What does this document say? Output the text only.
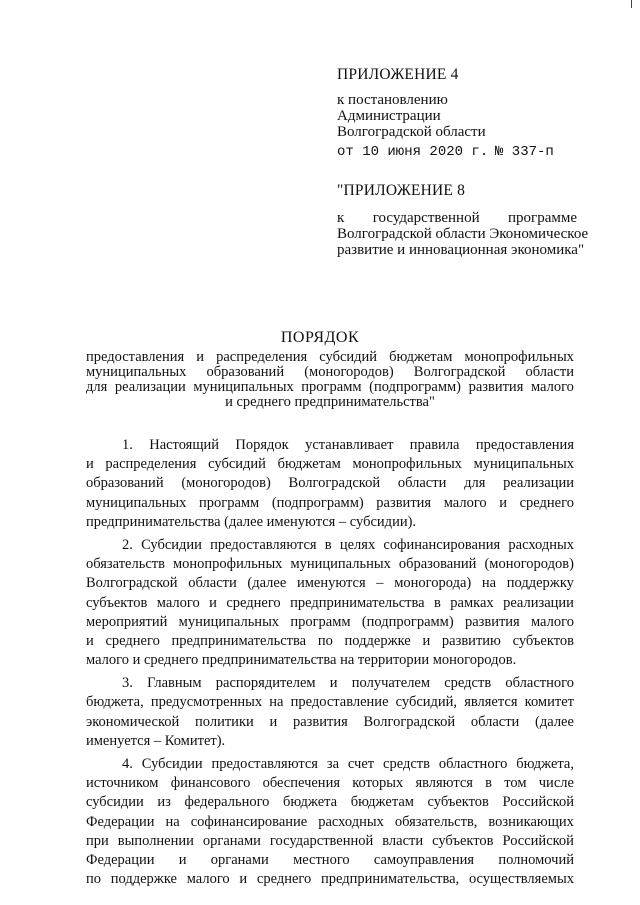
ПРИЛОЖЕНИЕ 4
к постановлению
Администрации
Волгоградской области
от 10 июня 2020 г. № 337-п
"ПРИЛОЖЕНИЕ 8
к государственной программе
Волгоградской области Экономическое
развитие и инновационная экономика"
ПОРЯДОК
предоставления и распределения субсидий бюджетам монопрофильных
муниципальных образований (моногородов) Волгоградской области
для реализации муниципальных программ (подпрограмм) развития малого
и среднего предпринимательства"
1. Настоящий Порядок устанавливает правила предоставления
и распределения субсидий бюджетам монопрофильных муниципальных
образований (моногородов) Волгоградской области для реализации
муниципальных программ (подпрограмм) развития малого и среднего
предпринимательства (далее именуются – субсидии).
2. Субсидии предоставляются в целях софинансирования расходных
обязательств монопрофильных муниципальных образований (моногородов)
Волгоградской области (далее именуются – моногорода) на поддержку
субъектов малого и среднего предпринимательства в рамках реализации
мероприятий муниципальных программ (подпрограмм) развития малого
и среднего предпринимательства по поддержке и развитию субъектов
малого и среднего предпринимательства на территории моногородов.
3. Главным распорядителем и получателем средств областного
бюджета, предусмотренных на предоставление субсидий, является комитет
экономической политики и развития Волгоградской области (далее
именуется – Комитет).
4. Субсидии предоставляются за счет средств областного бюджета,
источником финансового обеспечения которых являются в том числе
субсидии из федерального бюджета бюджетам субъектов Российской
Федерации на софинансирование расходных обязательств, возникающих
при выполнении органами государственной власти субъектов Российской
Федерации и органами местного самоуправления полномочий
по поддержке малого и среднего предпринимательства, осуществляемых
